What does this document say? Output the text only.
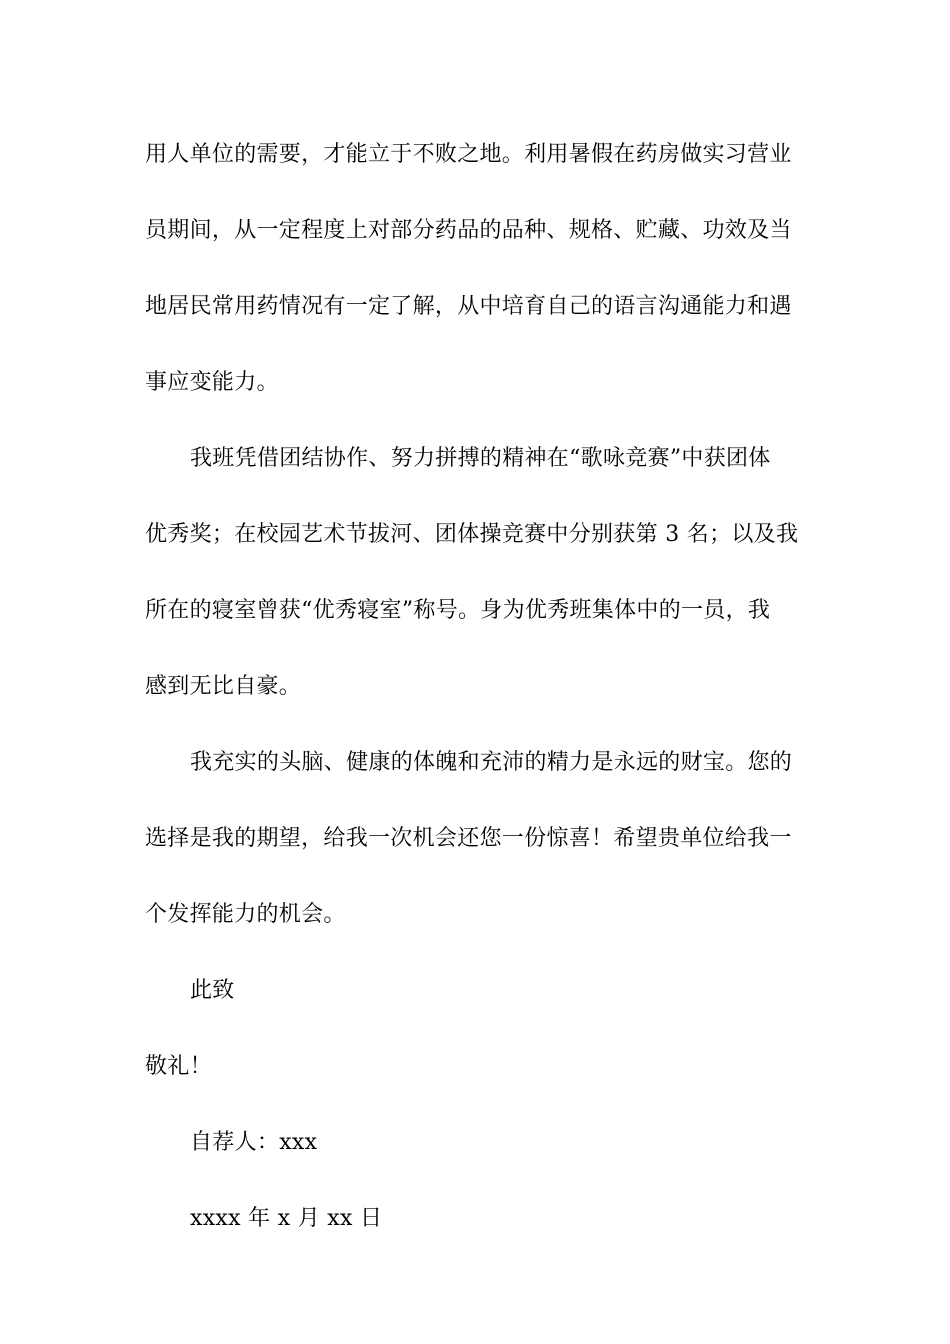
用人单位的需要，才能立于不败之地。利用暑假在药房做实习营业
员期间，从一定程度上对部分药品的品种、规格、贮藏、功效及当
地居民常用药情况有一定了解，从中培育自己的语言沟通能力和遇
事应变能力。
我班凭借团结协作、努力拼搏的精神在“歌咏竞赛”中获团体
优秀奖；在校园艺术节拔河、团体操竞赛中分别获第 3 名；以及我
所在的寝室曾获“优秀寝室”称号。身为优秀班集体中的一员，我
感到无比自豪。
我充实的头脑、健康的体魄和充沛的精力是永远的财宝。您的
选择是我的期望，给我一次机会还您一份惊喜！希望贵单位给我一
个发挥能力的机会。
此致
敬礼！
自荐人：xxx
xxxx 年 x 月 xx 日
